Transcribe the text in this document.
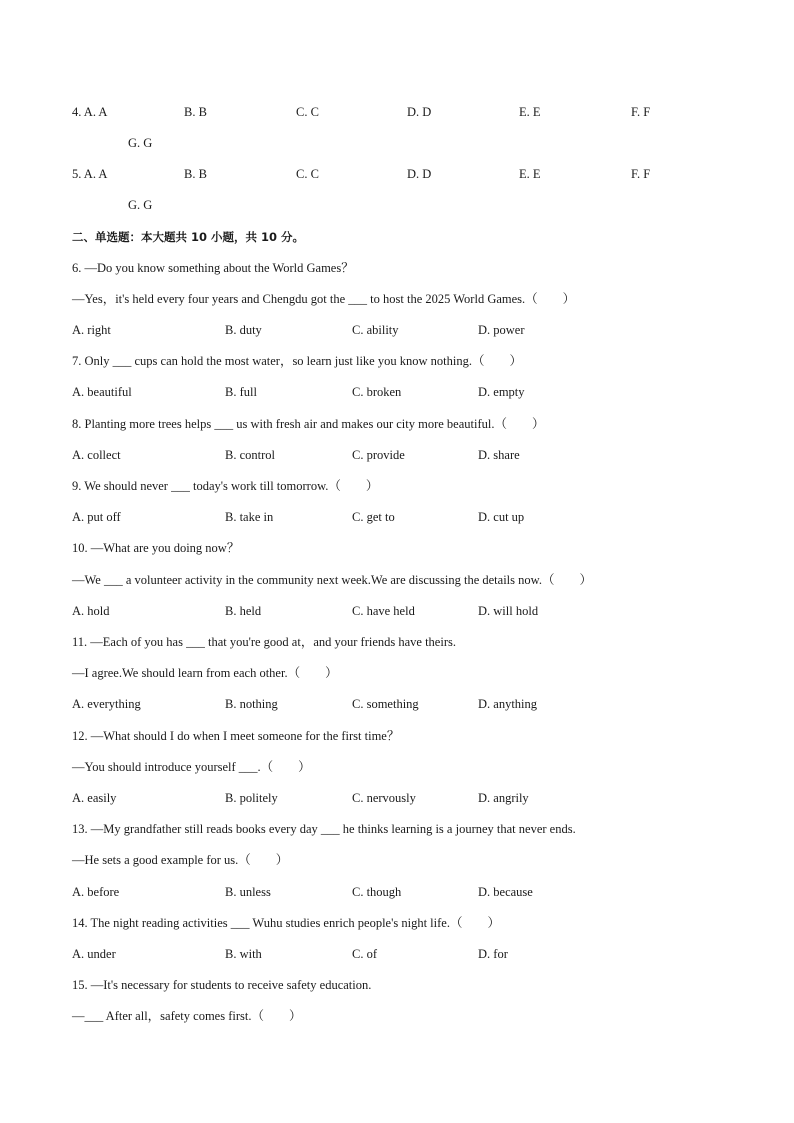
4. A. A	B. B	C. C	D. D	E. E	F. F
G. G
5. A. A	B. B	C. C	D. D	E. E	F. F
G. G
二、单选题：本大题共 10 小题，共 10 分。
6. —Do you know something about the World Games？
—Yes，it's held every four years and Chengdu got the ___ to host the 2025 World Games.（　　）
A. right	B. duty	C. ability	D. power
7. Only ___ cups can hold the most water，so learn just like you know nothing.（　　）
A. beautiful	B. full	C. broken	D. empty
8. Planting more trees helps ___ us with fresh air and makes our city more beautiful.（　　）
A. collect	B. control	C. provide	D. share
9. We should never ___ today's work till tomorrow.（　　）
A. put off	B. take in	C. get to	D. cut up
10. —What are you doing now？
—We ___ a volunteer activity in the community next week.We are discussing the details now.（　　）
A. hold	B. held	C. have held	D. will hold
11. —Each of you has ___ that you're good at，and your friends have theirs.
—I agree.We should learn from each other.（　　）
A. everything	B. nothing	C. something	D. anything
12. —What should I do when I meet someone for the first time？
—You should introduce yourself ___.（　　）
A. easily	B. politely	C. nervously	D. angrily
13. —My grandfather still reads books every day ___ he thinks learning is a journey that never ends.
—He sets a good example for us.（　　）
A. before	B. unless	C. though	D. because
14. The night reading activities ___ Wuhu studies enrich people's night life.（　　）
A. under	B. with	C. of	D. for
15. —It's necessary for students to receive safety education.
—___ After all，safety comes first.（　　）
